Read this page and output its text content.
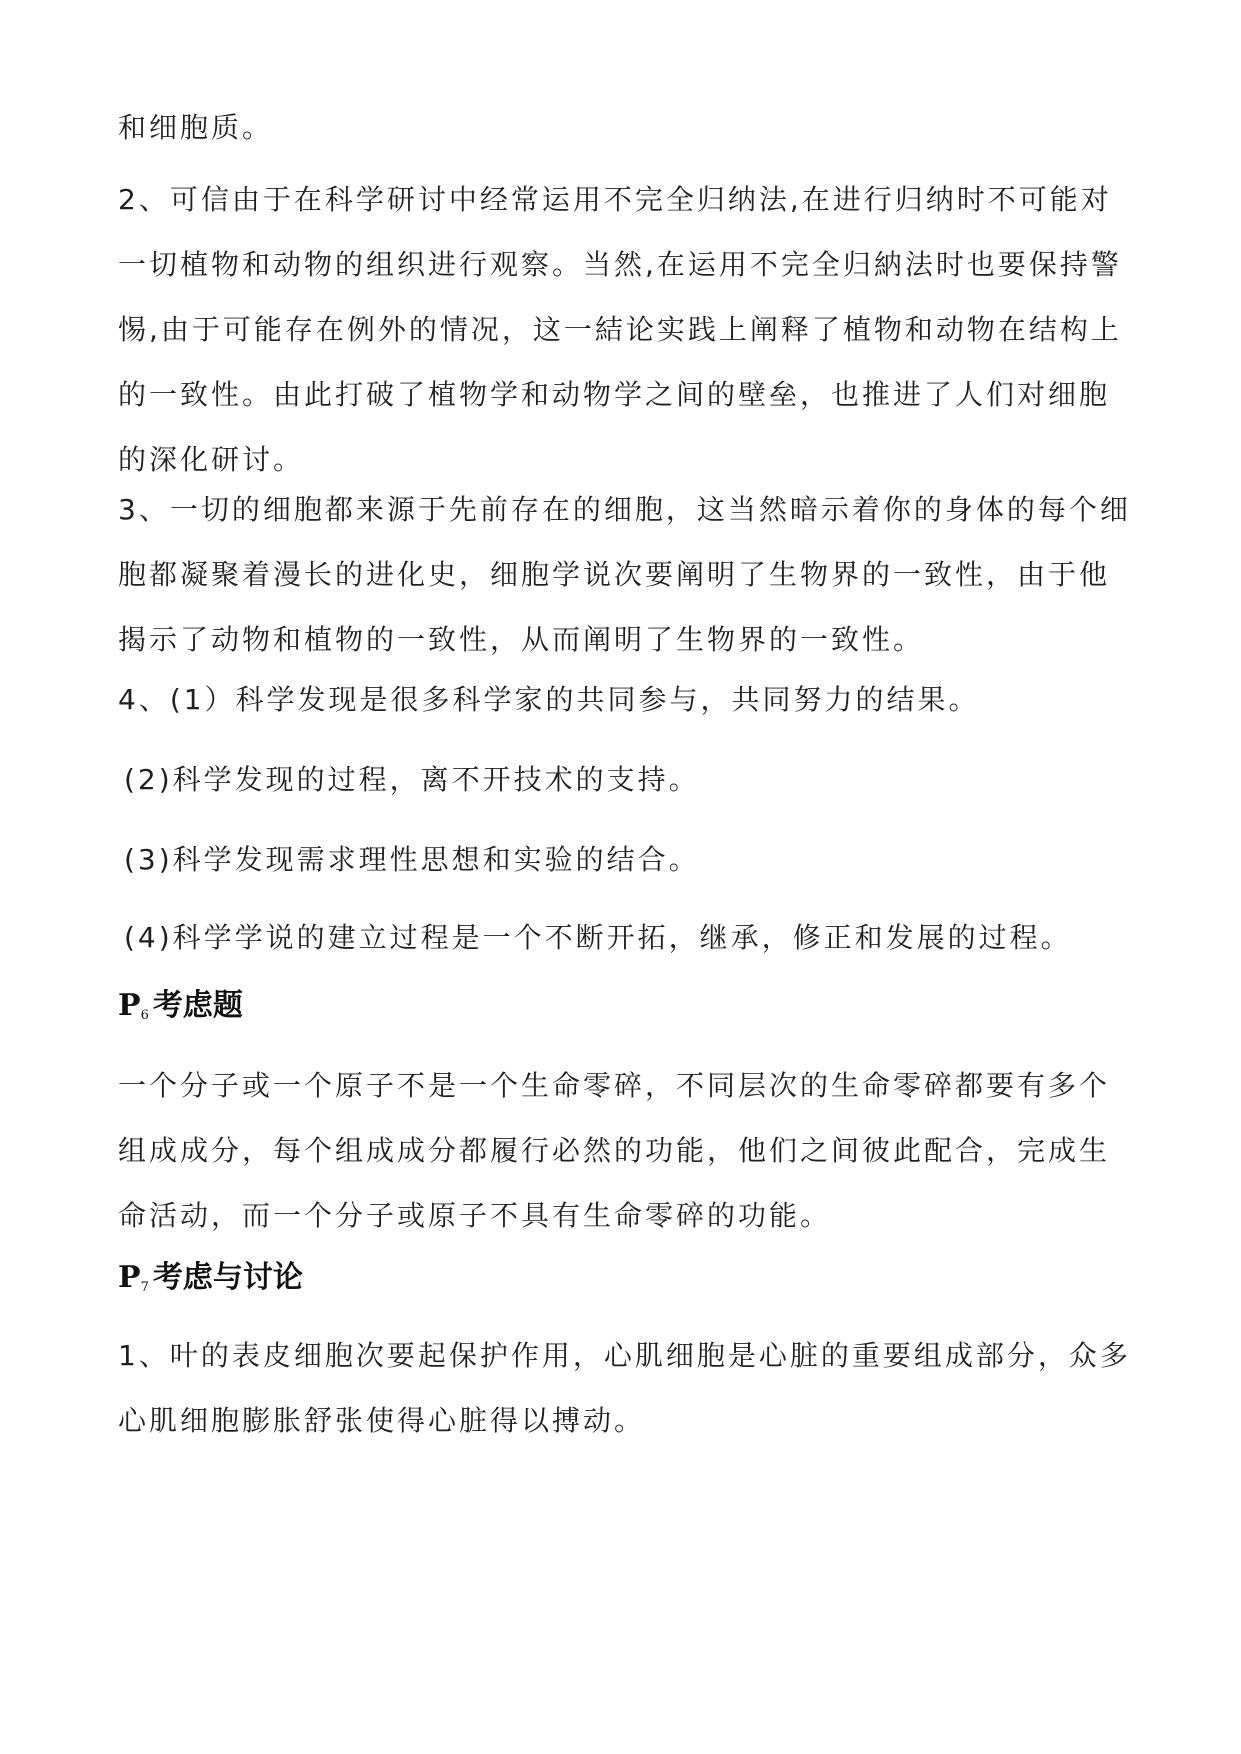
和细胞质。

2、可信由于在科学研讨中经常运用不完全归纳法,在进行归纳时不可能对一切植物和动物的组织进行观察。当然,在运用不完全归納法时也要保持警惕,由于可能存在例外的情况，这一結论实践上阐释了植物和动物在结构上的一致性。由此打破了植物学和动物学之间的壁垒，也推进了人们对细胞的深化研讨。

3、一切的细胞都来源于先前存在的细胞，这当然暗示着你的身体的每个细胞都凝聚着漫长的进化史，细胞学说次要阐明了生物界的一致性，由于他揭示了动物和植物的一致性，从而阐明了生物界的一致性。

4、(1）科学发现是很多科学家的共同参与，共同努力的结果。

(2)科学发现的过程，离不开技术的支持。

(3)科学发现需求理性思想和实验的结合。

(4)科学学说的建立过程是一个不断开拓，继承，修正和发展的过程。

$P_6$ 考虑题

一个分子或一个原子不是一个生命零碎，不同层次的生命零碎都要有多个组成成分，每个组成成分都履行必然的功能，他们之间彼此配合，完成生命活动，而一个分子或原子不具有生命零碎的功能。

$P_7$ 考虑与讨论

1、叶的表皮细胞次要起保护作用，心肌细胞是心脏的重要组成部分，众多心肌细胞膨胀舒张使得心脏得以搏动。
